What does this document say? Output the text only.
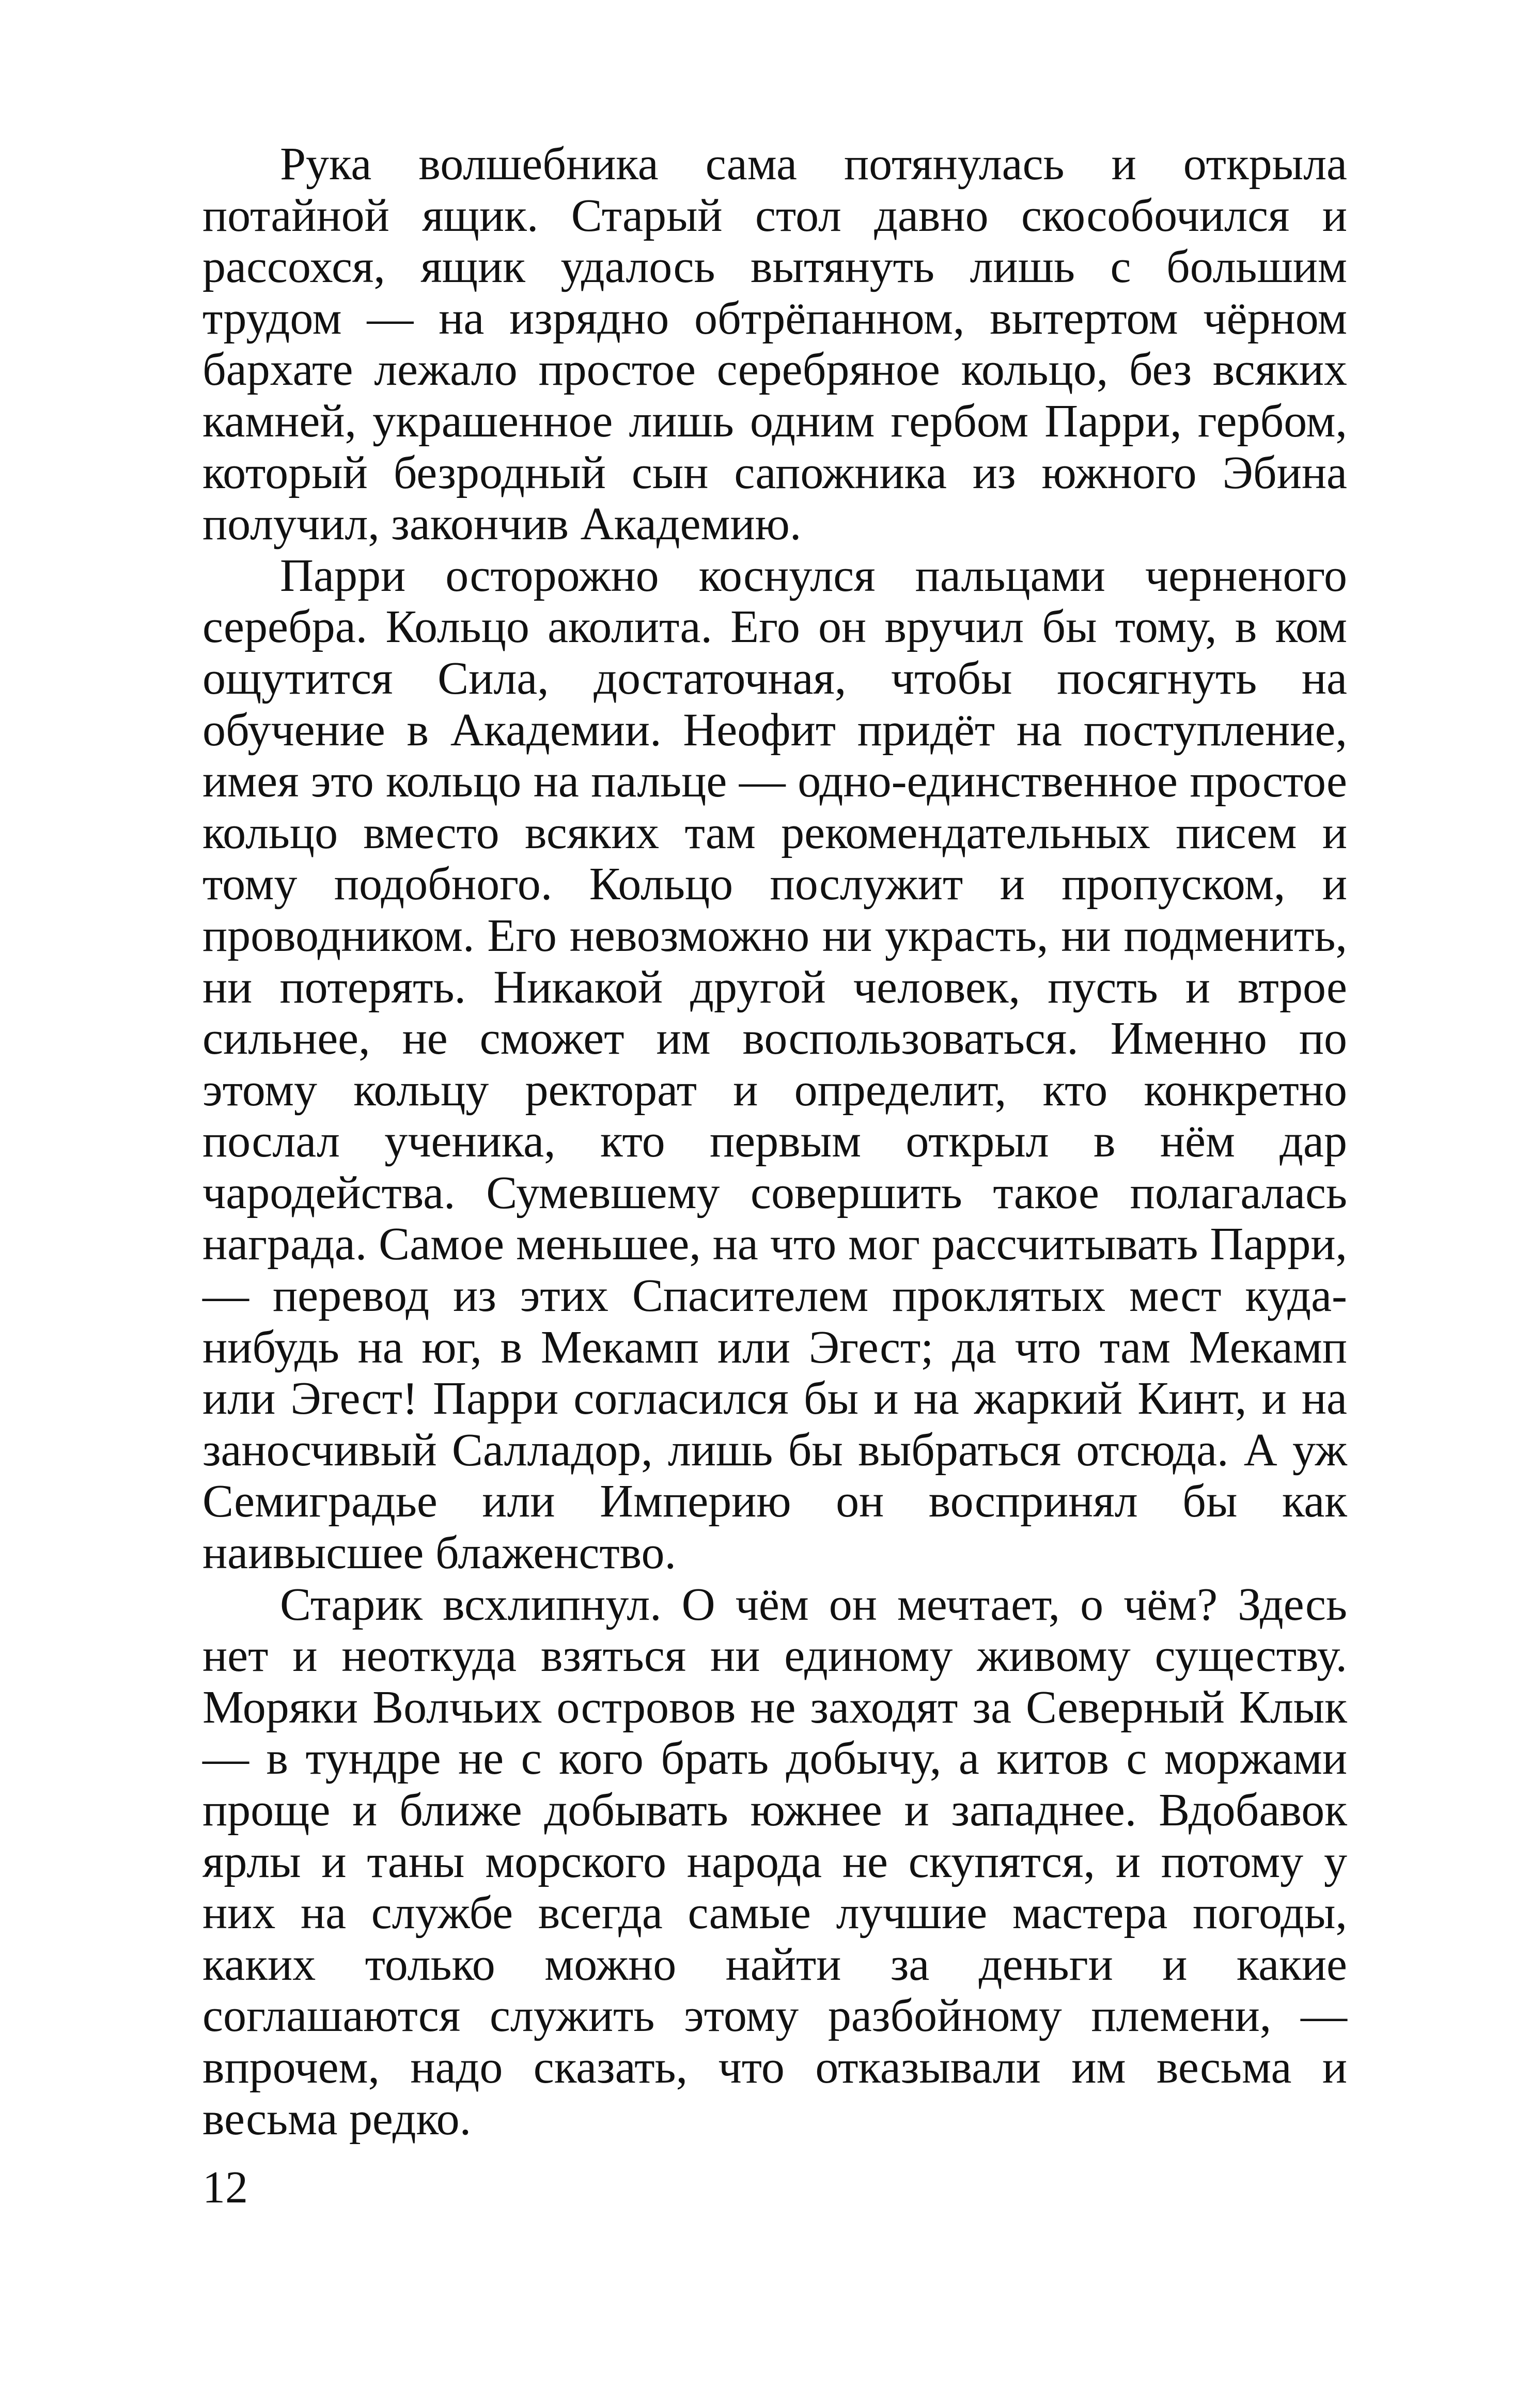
Рука волшебника сама потянулась и открыла потайной ящик. Старый стол давно скособочился и рассохся, ящик удалось вытянуть лишь с большим трудом — на изрядно обтрёпанном, вытертом чёрном бархате лежало простое серебряное кольцо, без всяких камней, украшенное лишь одним гербом Парри, гербом, который безродный сын сапожника из южного Эбина получил, закончив Академию.

Парри осторожно коснулся пальцами черненого серебра. Кольцо аколита. Его он вручил бы тому, в ком ощутится Сила, достаточная, чтобы посягнуть на обучение в Академии. Неофит придёт на поступление, имея это кольцо на пальце — одно-единственное простое кольцо вместо всяких там рекомендательных писем и тому подобного. Кольцо послужит и пропуском, и проводником. Его невозможно ни украсть, ни подменить, ни потерять. Никакой другой человек, пусть и втрое сильнее, не сможет им воспользоваться. Именно по этому кольцу ректорат и определит, кто конкретно послал ученика, кто первым открыл в нём дар чародейства. Сумевшему совершить такое полагалась награда. Самое меньшее, на что мог рассчитывать Парри, — перевод из этих Спасителем проклятых мест куда-нибудь на юг, в Мекамп или Эгест; да что там Мекамп или Эгест! Парри согласился бы и на жаркий Кинт, и на заносчивый Салладор, лишь бы выбраться отсюда. А уж Семиградье или Империю он воспринял бы как наивысшее блаженство.

Старик всхлипнул. О чём он мечтает, о чём? Здесь нет и неоткуда взяться ни единому живому существу. Моряки Волчьих островов не заходят за Северный Клык — в тундре не с кого брать добычу, а китов с моржами проще и ближе добывать южнее и западнее. Вдобавок ярлы и таны морского народа не скупятся, и потому у них на службе всегда самые лучшие мастера погоды, каких только можно найти за деньги и какие соглашаются служить этому разбойному племени, — впрочем, надо сказать, что отказывали им весьма и весьма редко.

12
